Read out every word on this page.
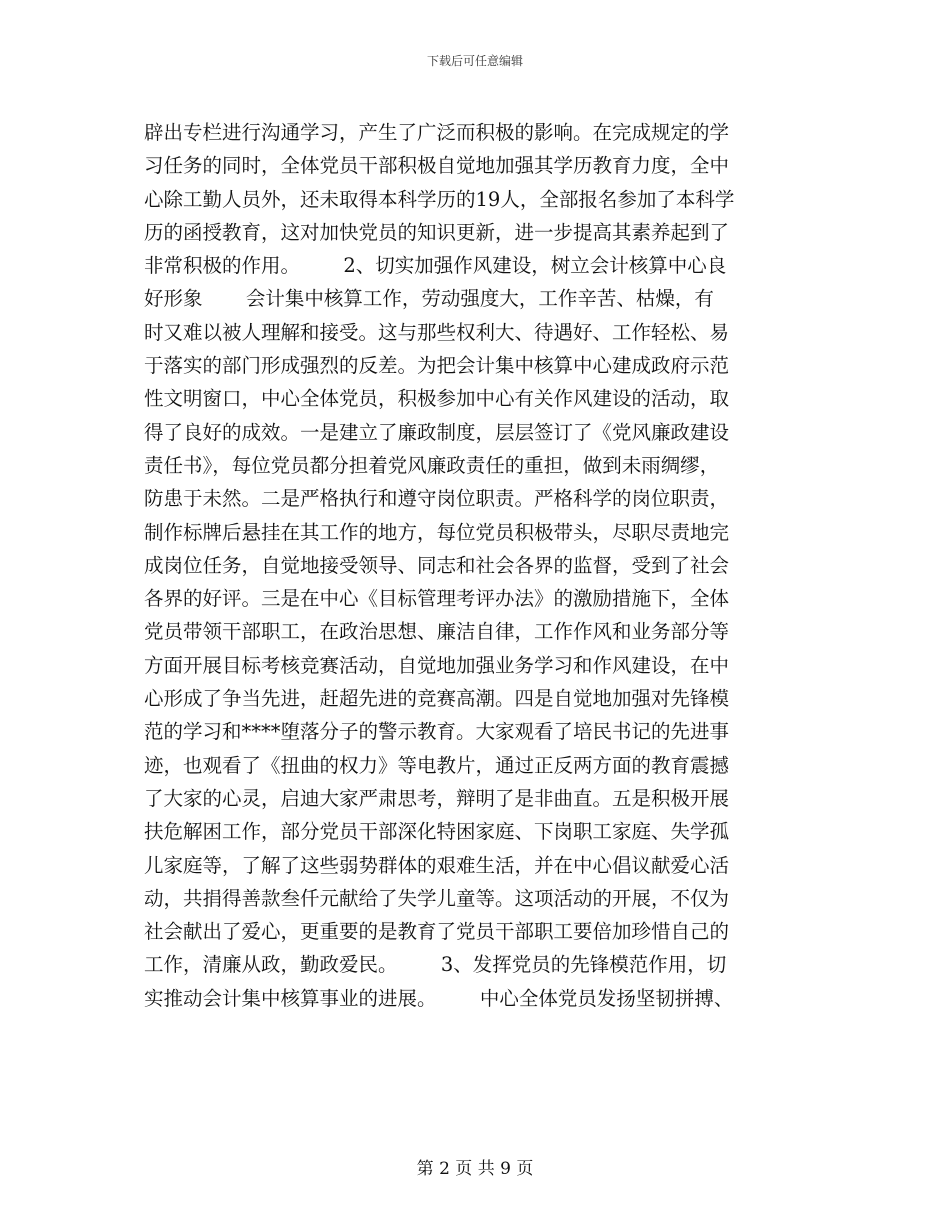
下载后可任意编辑
辟出专栏进行沟通学习，产生了广泛而积极的影响。在完成规定的学
习任务的同时，全体党员干部积极自觉地加强其学历教育力度，全中
心除工勤人员外，还未取得本科学历的19人，全部报名参加了本科学
历的函授教育，这对加快党员的知识更新，进一步提高其素养起到了
非常积极的作用。       2、切实加强作风建设，树立会计核算中心良
好形象       会计集中核算工作，劳动强度大，工作辛苦、枯燥，有
时又难以被人理解和接受。这与那些权利大、待遇好、工作轻松、易
于落实的部门形成强烈的反差。为把会计集中核算中心建成政府示范
性文明窗口，中心全体党员，积极参加中心有关作风建设的活动，取
得了良好的成效。一是建立了廉政制度，层层签订了《党风廉政建设
责任书》，每位党员都分担着党风廉政责任的重担，做到未雨绸缪，
防患于未然。二是严格执行和遵守岗位职责。严格科学的岗位职责，
制作标牌后悬挂在其工作的地方，每位党员积极带头，尽职尽责地完
成岗位任务，自觉地接受领导、同志和社会各界的监督，受到了社会
各界的好评。三是在中心《目标管理考评办法》的激励措施下，全体
党员带领干部职工，在政治思想、廉洁自律，工作作风和业务部分等
方面开展目标考核竞赛活动，自觉地加强业务学习和作风建设，在中
心形成了争当先进，赶超先进的竞赛高潮。四是自觉地加强对先锋模
范的学习和****堕落分子的警示教育。大家观看了培民书记的先进事
迹，也观看了《扭曲的权力》等电教片，通过正反两方面的教育震撼
了大家的心灵，启迪大家严肃思考，辩明了是非曲直。五是积极开展
扶危解困工作，部分党员干部深化特困家庭、下岗职工家庭、失学孤
儿家庭等，了解了这些弱势群体的艰难生活，并在中心倡议献爱心活
动，共捐得善款叁仟元献给了失学儿童等。这项活动的开展，不仅为
社会献出了爱心，更重要的是教育了党员干部职工要倍加珍惜自己的
工作，清廉从政，勤政爱民。       3、发挥党员的先锋模范作用，切
实推动会计集中核算事业的进展。       中心全体党员发扬坚韧拼搏、
第 2 页 共 9 页
